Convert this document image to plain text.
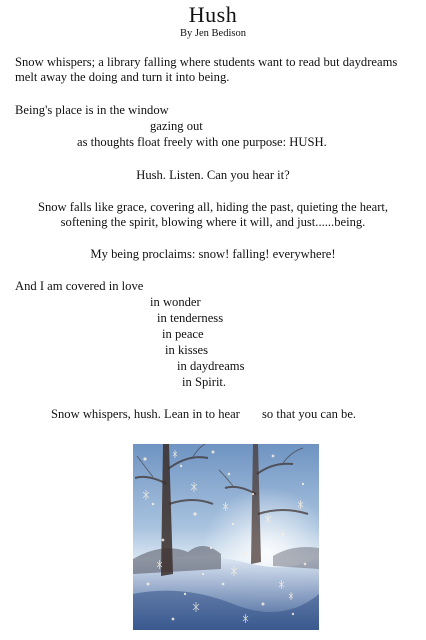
Hush
By Jen Bedison
Snow whispers; a library falling where students want to read but daydreams
melt away the doing and turn it into being.
Being's place is in the window
gazing out
as thoughts float freely with one purpose: HUSH.
Hush. Listen. Can you hear it?
Snow falls like grace, covering all, hiding the past, quieting the heart,
softening the spirit, blowing where it will, and just......being.
My being proclaims: snow! falling! everywhere!
And I am covered in love
in wonder
in tenderness
in peace
in kisses
in daydreams
in Spirit.
Snow whispers, hush. Lean in to hear so that you can be.
